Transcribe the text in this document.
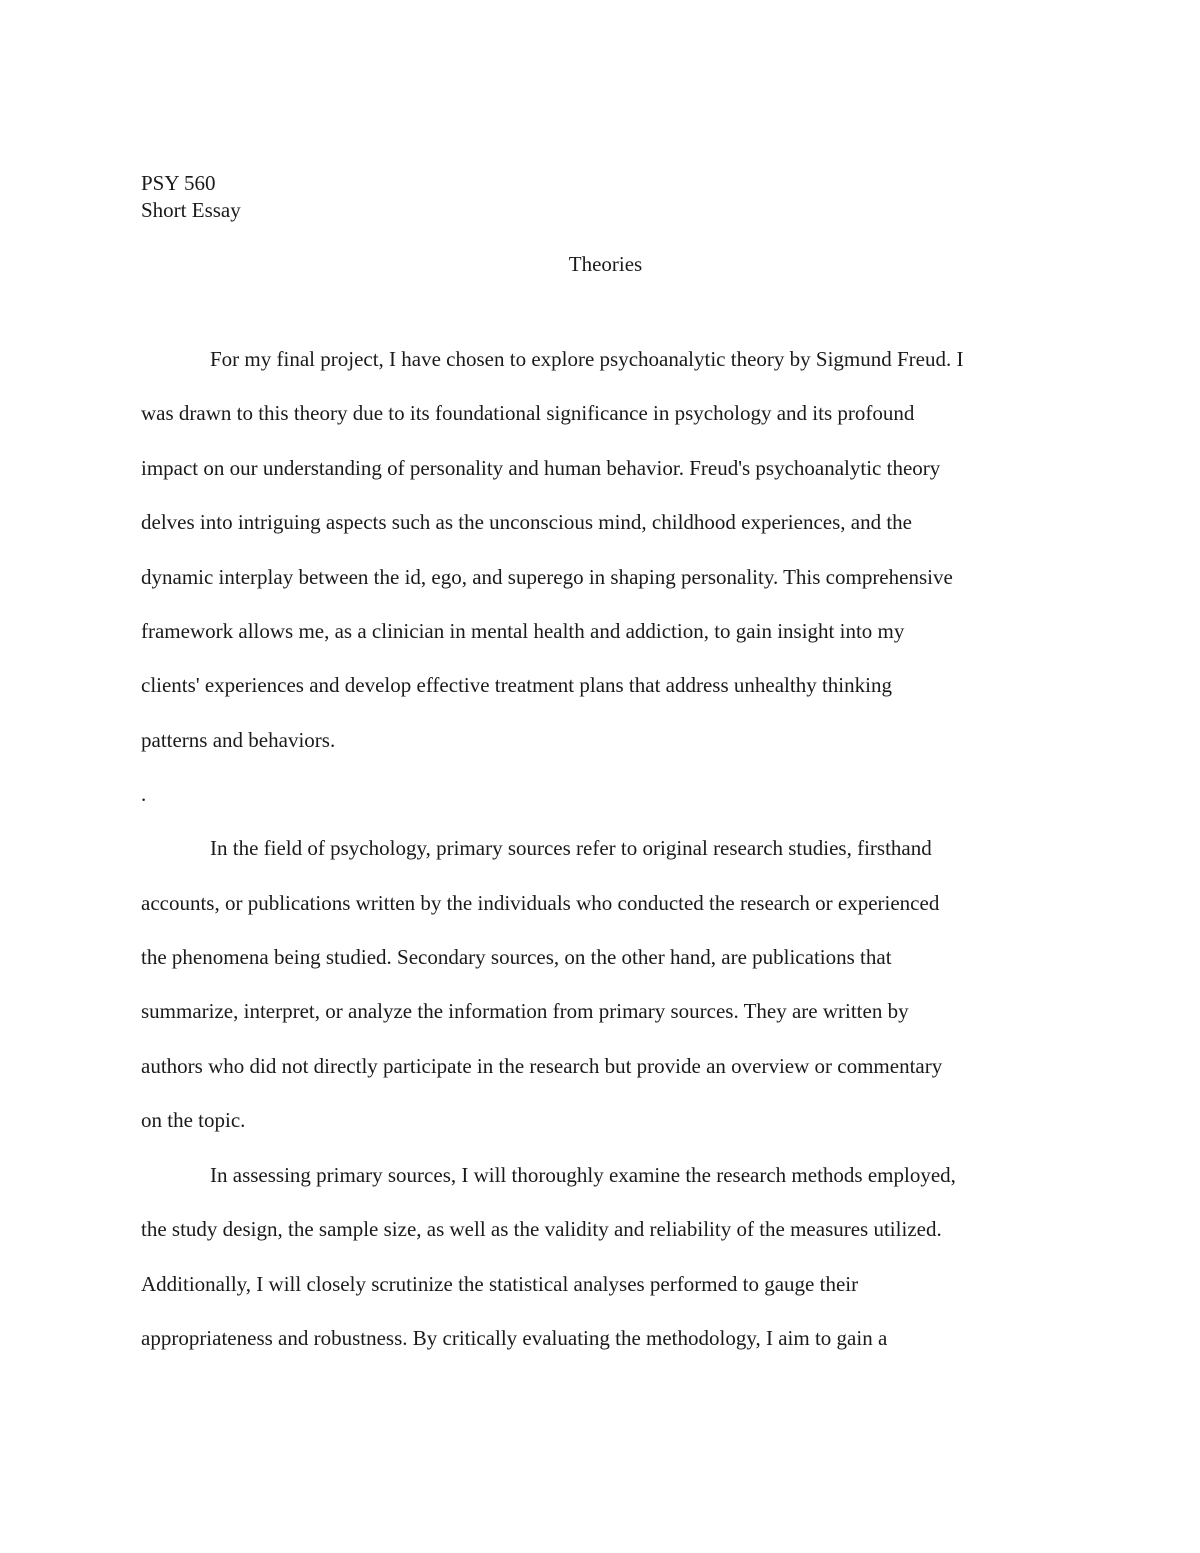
PSY 560
Short Essay
Theories

For my final project, I have chosen to explore psychoanalytic theory by Sigmund Freud. I
was drawn to this theory due to its foundational significance in psychology and its profound
impact on our understanding of personality and human behavior. Freud's psychoanalytic theory
delves into intriguing aspects such as the unconscious mind, childhood experiences, and the
dynamic interplay between the id, ego, and superego in shaping personality. This comprehensive
framework allows me, as a clinician in mental health and addiction, to gain insight into my
clients' experiences and develop effective treatment plans that address unhealthy thinking
patterns and behaviors.

.

In the field of psychology, primary sources refer to original research studies, firsthand
accounts, or publications written by the individuals who conducted the research or experienced
the phenomena being studied. Secondary sources, on the other hand, are publications that
summarize, interpret, or analyze the information from primary sources. They are written by
authors who did not directly participate in the research but provide an overview or commentary
on the topic.

In assessing primary sources, I will thoroughly examine the research methods employed,
the study design, the sample size, as well as the validity and reliability of the measures utilized.
Additionally, I will closely scrutinize the statistical analyses performed to gauge their
appropriateness and robustness. By critically evaluating the methodology, I aim to gain a
